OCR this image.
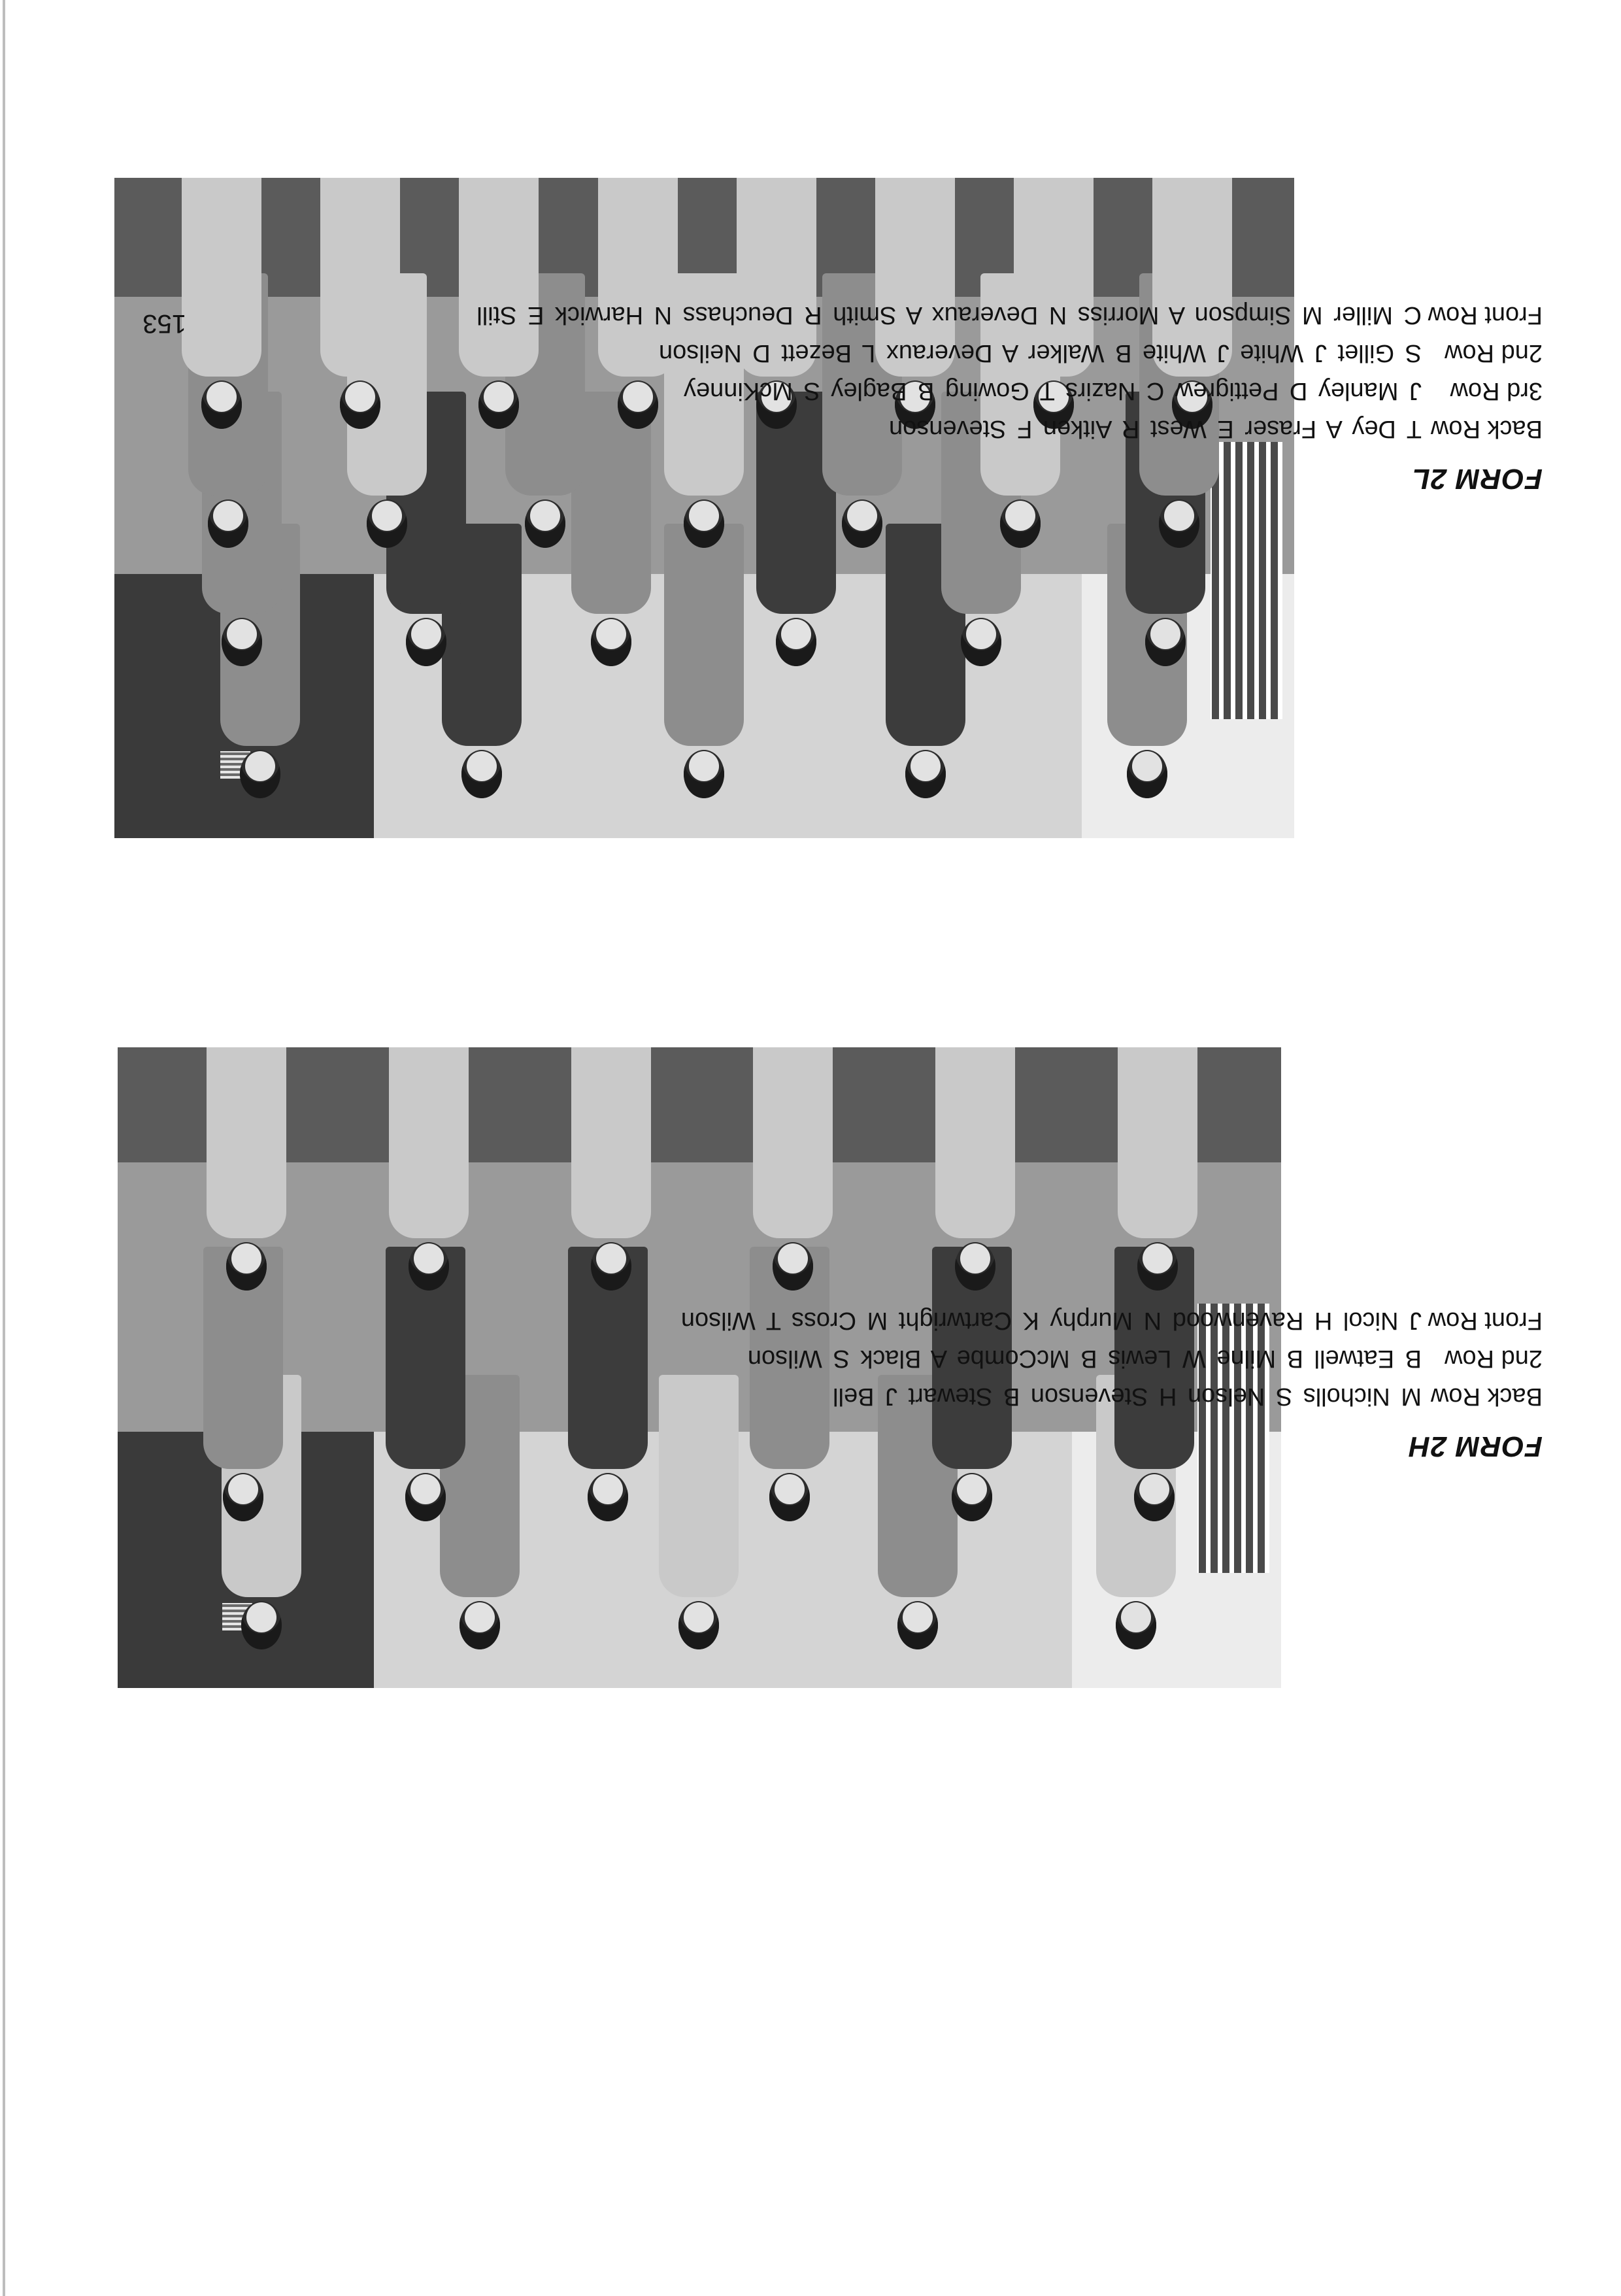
FORM 2H
Back Row
M Nicholls S Nelson H Stevenson B Stewart J Bell
2nd Row
B Eatwell B Milne W Lewis B McCombe A Black S Wilson
Front Row
J Nicol H Ravenwood N Murphy K Cartwright M Cross T Wilson
FORM 2L
Back Row
T Dey A Fraser E West R Aitken F Stevenson
3rd Row
J Manley D Pettigrew C Nazirs T Gowing B Bagley S McKinney
2nd Row
S Gillet J White J White B Walker A Deveraux L Bezett D Neilson
Front Row
C Miller M Simpson A Morriss N Deveraux A Smith R Deuchass N Harwick E Still
153
